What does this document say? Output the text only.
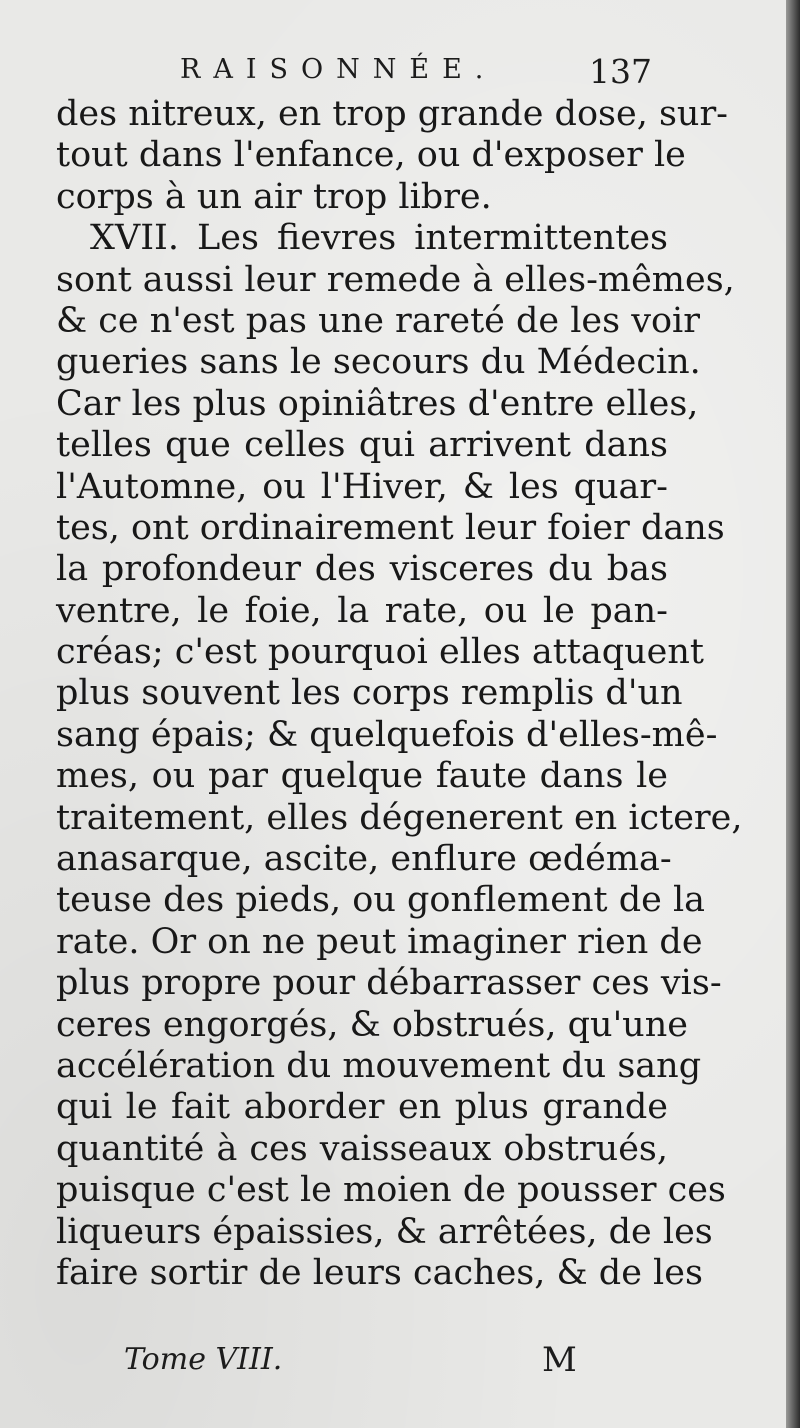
RAISONNÉE.	137
des nitreux, en trop grande dose, sur-
tout dans l'enfance, ou d'exposer le
corps à un air trop libre.
XVII. Les fievres intermittentes
sont aussi leur remede à elles-mêmes,
& ce n'est pas une rareté de les voir
gueries sans le secours du Médecin.
Car les plus opiniâtres d'entre elles,
telles que celles qui arrivent dans
l'Automne, ou l'Hiver, & les quar-
tes, ont ordinairement leur foier dans
la profondeur des visceres du bas
ventre, le foie, la rate, ou le pan-
créas; c'est pourquoi elles attaquent
plus souvent les corps remplis d'un
sang épais; & quelquefois d'elles-mê-
mes, ou par quelque faute dans le
traitement, elles dégenerent en ictere,
anasarque, ascite, enflure œdéma-
teuse des pieds, ou gonflement de la
rate. Or on ne peut imaginer rien de
plus propre pour débarrasser ces vis-
ceres engorgés, & obstrués, qu'une
accélération du mouvement du sang
qui le fait aborder en plus grande
quantité à ces vaisseaux obstrués,
puisque c'est le moien de pousser ces
liqueurs épaissies, & arrêtées, de les
faire sortir de leurs caches, & de les
Tome VIII.	M
